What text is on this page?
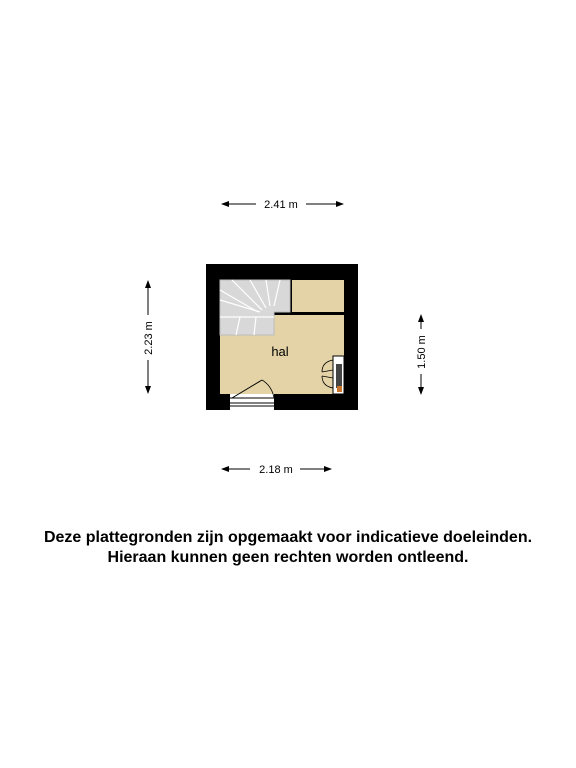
hal
2.41 m
2.18 m
2.23 m	1.50 m
Deze plattegronden zijn opgemaakt voor indicatieve doeleinden.
Hieraan kunnen geen rechten worden ontleend.
